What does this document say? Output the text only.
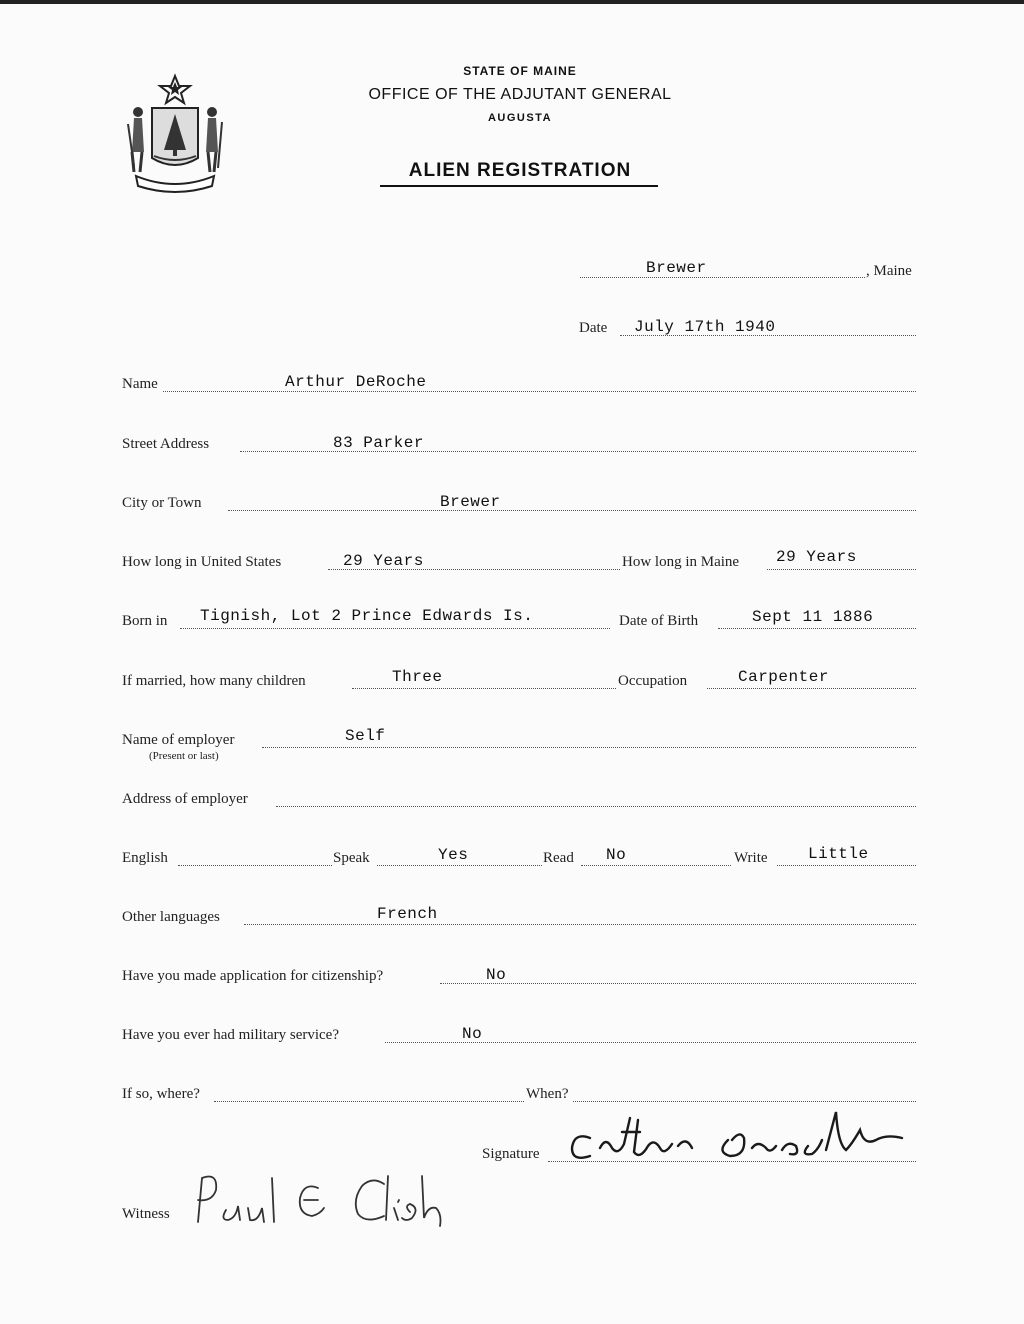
STATE OF MAINE
OFFICE OF THE ADJUTANT GENERAL
AUGUSTA
ALIEN REGISTRATION
Brewer	, Maine
Date July 17th 1940
Name	Arthur DeRoche
Street Address	83 Parker
City or Town	Brewer
How long in United States	29 Years	How long in Maine 29 Years
Born in Tignish, Lot 2 Prince Edwards Is.	Date of Birth	Sept 11 1886
If married, how many children	Three	Occupation	Carpenter
Name of employer
(Present or last)
Self
Address of employer
English	Speak	Yes	Read No	Write	Little
Other languages	French
Have you made application for citizenship?	No
Have you ever had military service?	No
If so, where?	When?
Signature
Witness
